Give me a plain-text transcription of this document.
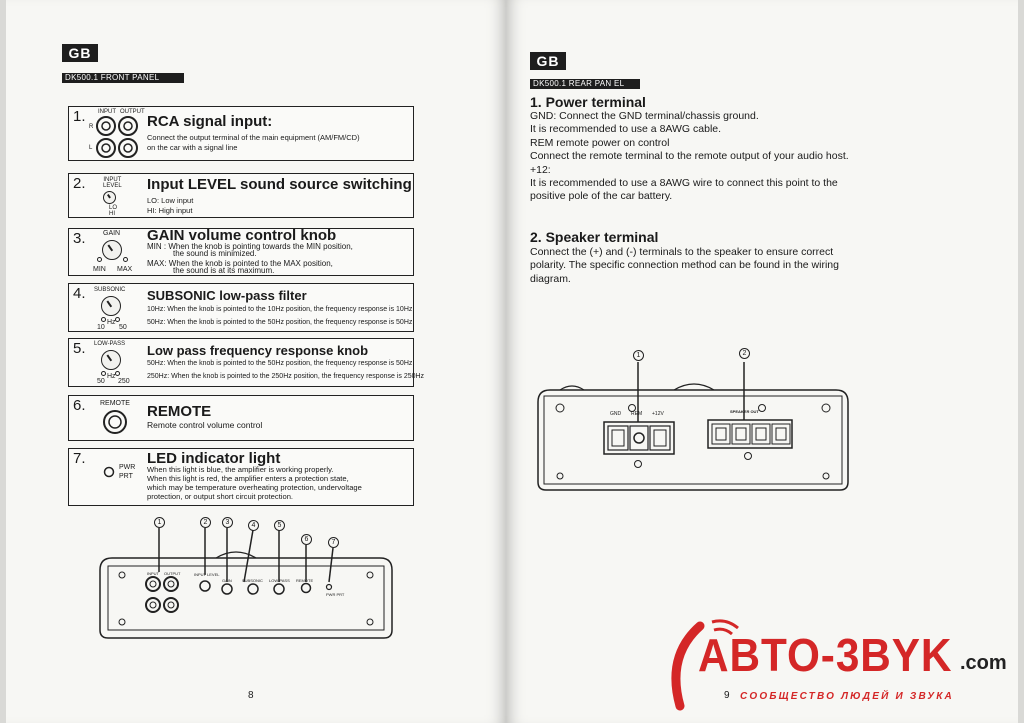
GB
DK500.1 FRONT PANEL
1. INPUT OUTPUT
R
L
RCA signal input:
Connect the output terminal of the main equipment (AM/FM/CD)
on the car with a signal line
2.	INPUT
LEVEL
LO
HI
Input LEVEL sound source switching
LO: Low input
HI: High input
3. GAIN
MIN MAX
GAIN volume control knob
MIN : When the knob is pointing towards the MIN position,
the sound is minimized.
MAX: When the knob is pointed to the MAX position,
the sound is at its maximum.
4. SUBSONIC
Hz
10 50
SUBSONIC low-pass filter
10Hz: When the knob is pointed to the 10Hz position, the frequency response is 10Hz
50Hz: When the knob is pointed to the 50Hz position, the frequency response is 50Hz
5. LOW-PASS
Hz
50 250
Low pass frequency response knob
50Hz: When the knob is pointed to the 50Hz position, the frequency response is 50Hz
250Hz: When the knob is pointed to the 250Hz position, the frequency response is 250Hz
6. REMOTE REMOTE
Remote control volume control
7.
PWR
PRT
LED indicator light
When this light is blue, the amplifier is working properly.
When this light is red, the amplifier enters a protection state,
which may be temperature overheating protection, undervoltage
protection, or output short circuit protection.
1	2	3	4	5
6	7
INPUT OUTPUT	INPUT LEVEL
GAIN	SUBSONIC LOW-PASS REMOTE
PWR PRT
8
GB
DK500.1 REAR PAN EL
1. Power terminal
GND: Connect the GND terminal/chassis ground.
It is recommended to use a 8AWG cable.
REM remote power on control
Connect the remote terminal to the remote output of your audio host.
+12:
It is recommended to use a 8AWG wire to connect this point to the
positive pole of the car battery.
2. Speaker terminal
Connect the (+) and (-) terminals to the speaker to ensure correct
polarity. The specific connection method can be found in the wiring
diagram.
1	2
GND REM +12V	SPEAKER OUT
9
ABTO-3BYK .com
СООБЩЕСТВО ЛЮДЕЙ И ЗВУКА
